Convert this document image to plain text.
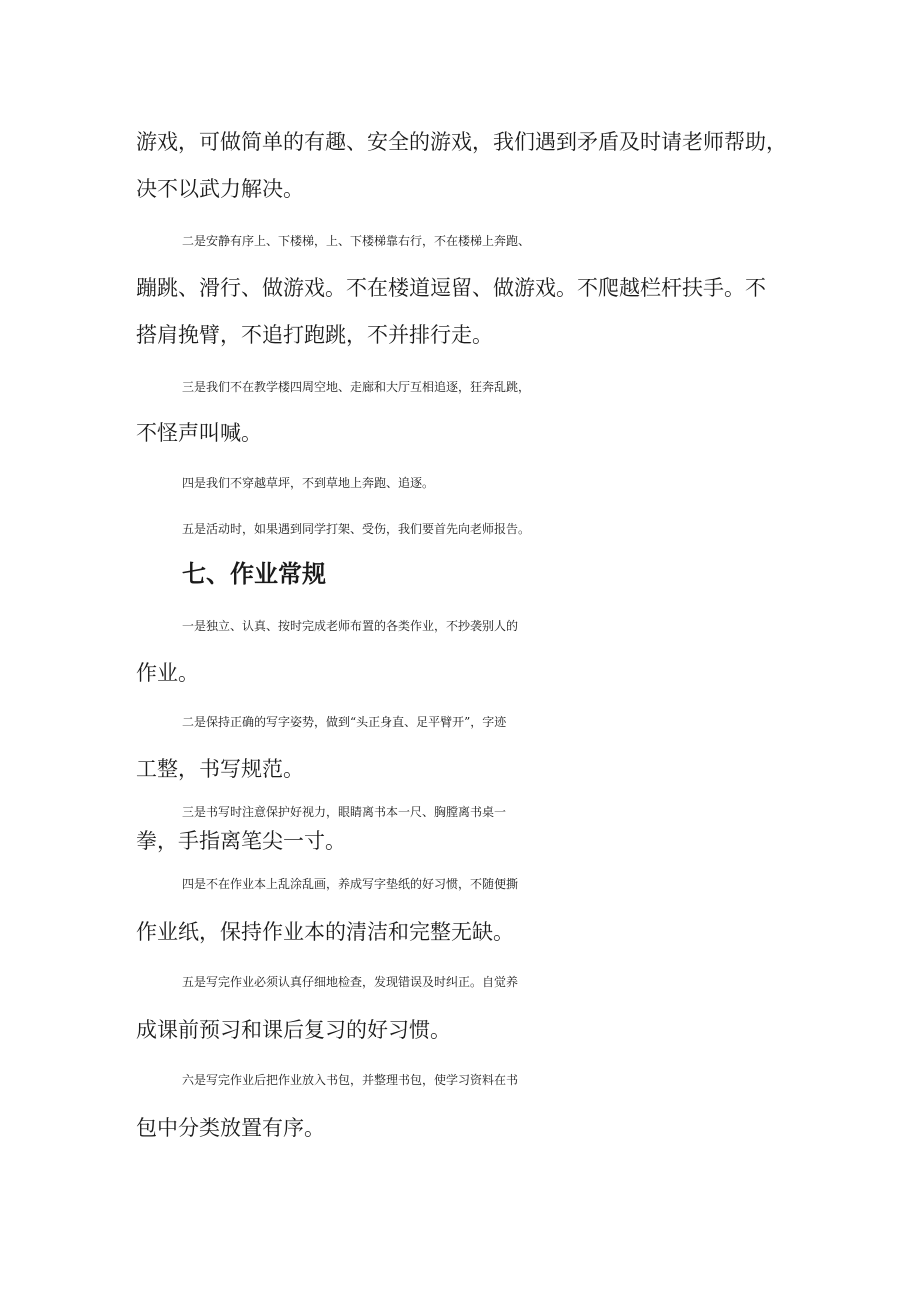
游戏，可做简单的有趣、安全的游戏，我们遇到矛盾及时请老师帮助，
决不以武力解决。

二是安静有序上、下楼梯，上、下楼梯靠右行，不在楼梯上奔跑、
蹦跳、滑行、做游戏。不在楼道逗留、做游戏。不爬越栏杆扶手。不
搭肩挽臂，不追打跑跳，不并排行走。

三是我们不在教学楼四周空地、走廊和大厅互相追逐，狂奔乱跳，
不怪声叫喊。

四是我们不穿越草坪，不到草地上奔跑、追逐。

五是活动时，如果遇到同学打架、受伤，我们要首先向老师报告。

七、作业常规

一是独立、认真、按时完成老师布置的各类作业，不抄袭别人的
作业。

二是保持正确的写字姿势，做到“头正身直、足平臂开”，字迹
工整，书写规范。

三是书写时注意保护好视力，眼睛离书本一尺、胸膛离书桌一
拳，手指离笔尖一寸。

四是不在作业本上乱涂乱画，养成写字垫纸的好习惯，不随便撕
作业纸，保持作业本的清洁和完整无缺。

五是写完作业必须认真仔细地检查，发现错误及时纠正。自觉养
成课前预习和课后复习的好习惯。

六是写完作业后把作业放入书包，并整理书包，使学习资料在书
包中分类放置有序。
